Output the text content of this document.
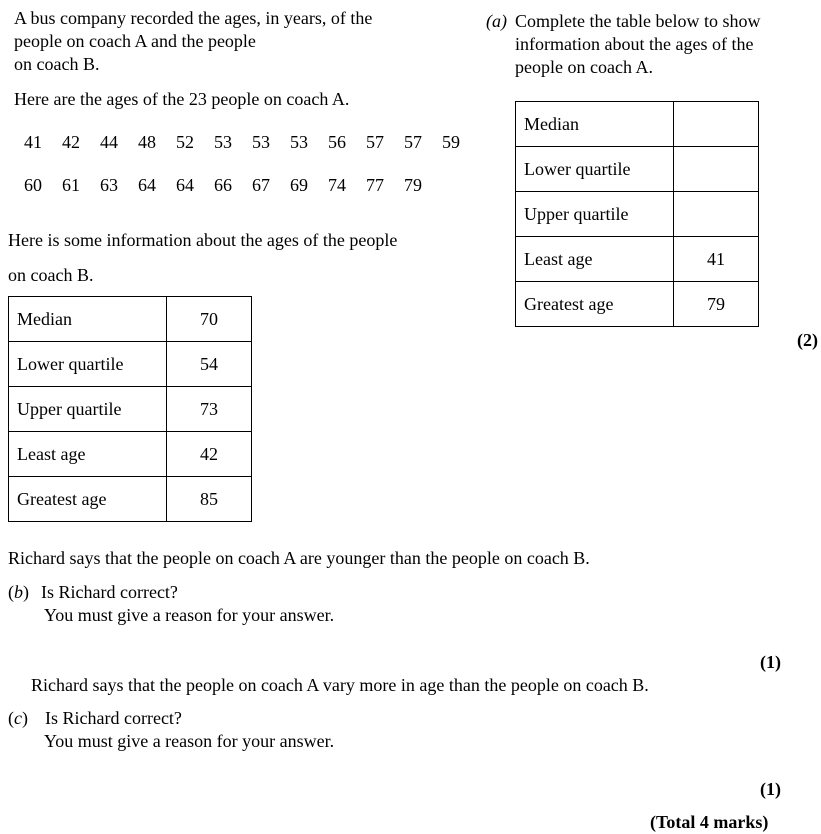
A bus company recorded the ages, in years, of the
people on coach A and the people
on coach B.
Here are the ages of the 23 people on coach A.
41	42	44	48	52	53	53	53	56	57	57	59
60	61	63	64	64	66	67	69	74	77	79
Here is some information about the ages of the people
on coach B.
Median	70
Lower quartile	54
Upper quartile	73
Least age	42
Greatest age	85
(a) Complete the table below to show
information about the ages of the
people on coach A.
Median	
Lower quartile	
Upper quartile	
Least age	41
Greatest age	79
(2)
Richard says that the people on coach A are younger than the people on coach B.
(b) Is Richard correct?
You must give a reason for your answer.
(1)
Richard says that the people on coach A vary more in age than the people on coach B.
(c) Is Richard correct?
You must give a reason for your answer.
(1)
(Total 4 marks)
